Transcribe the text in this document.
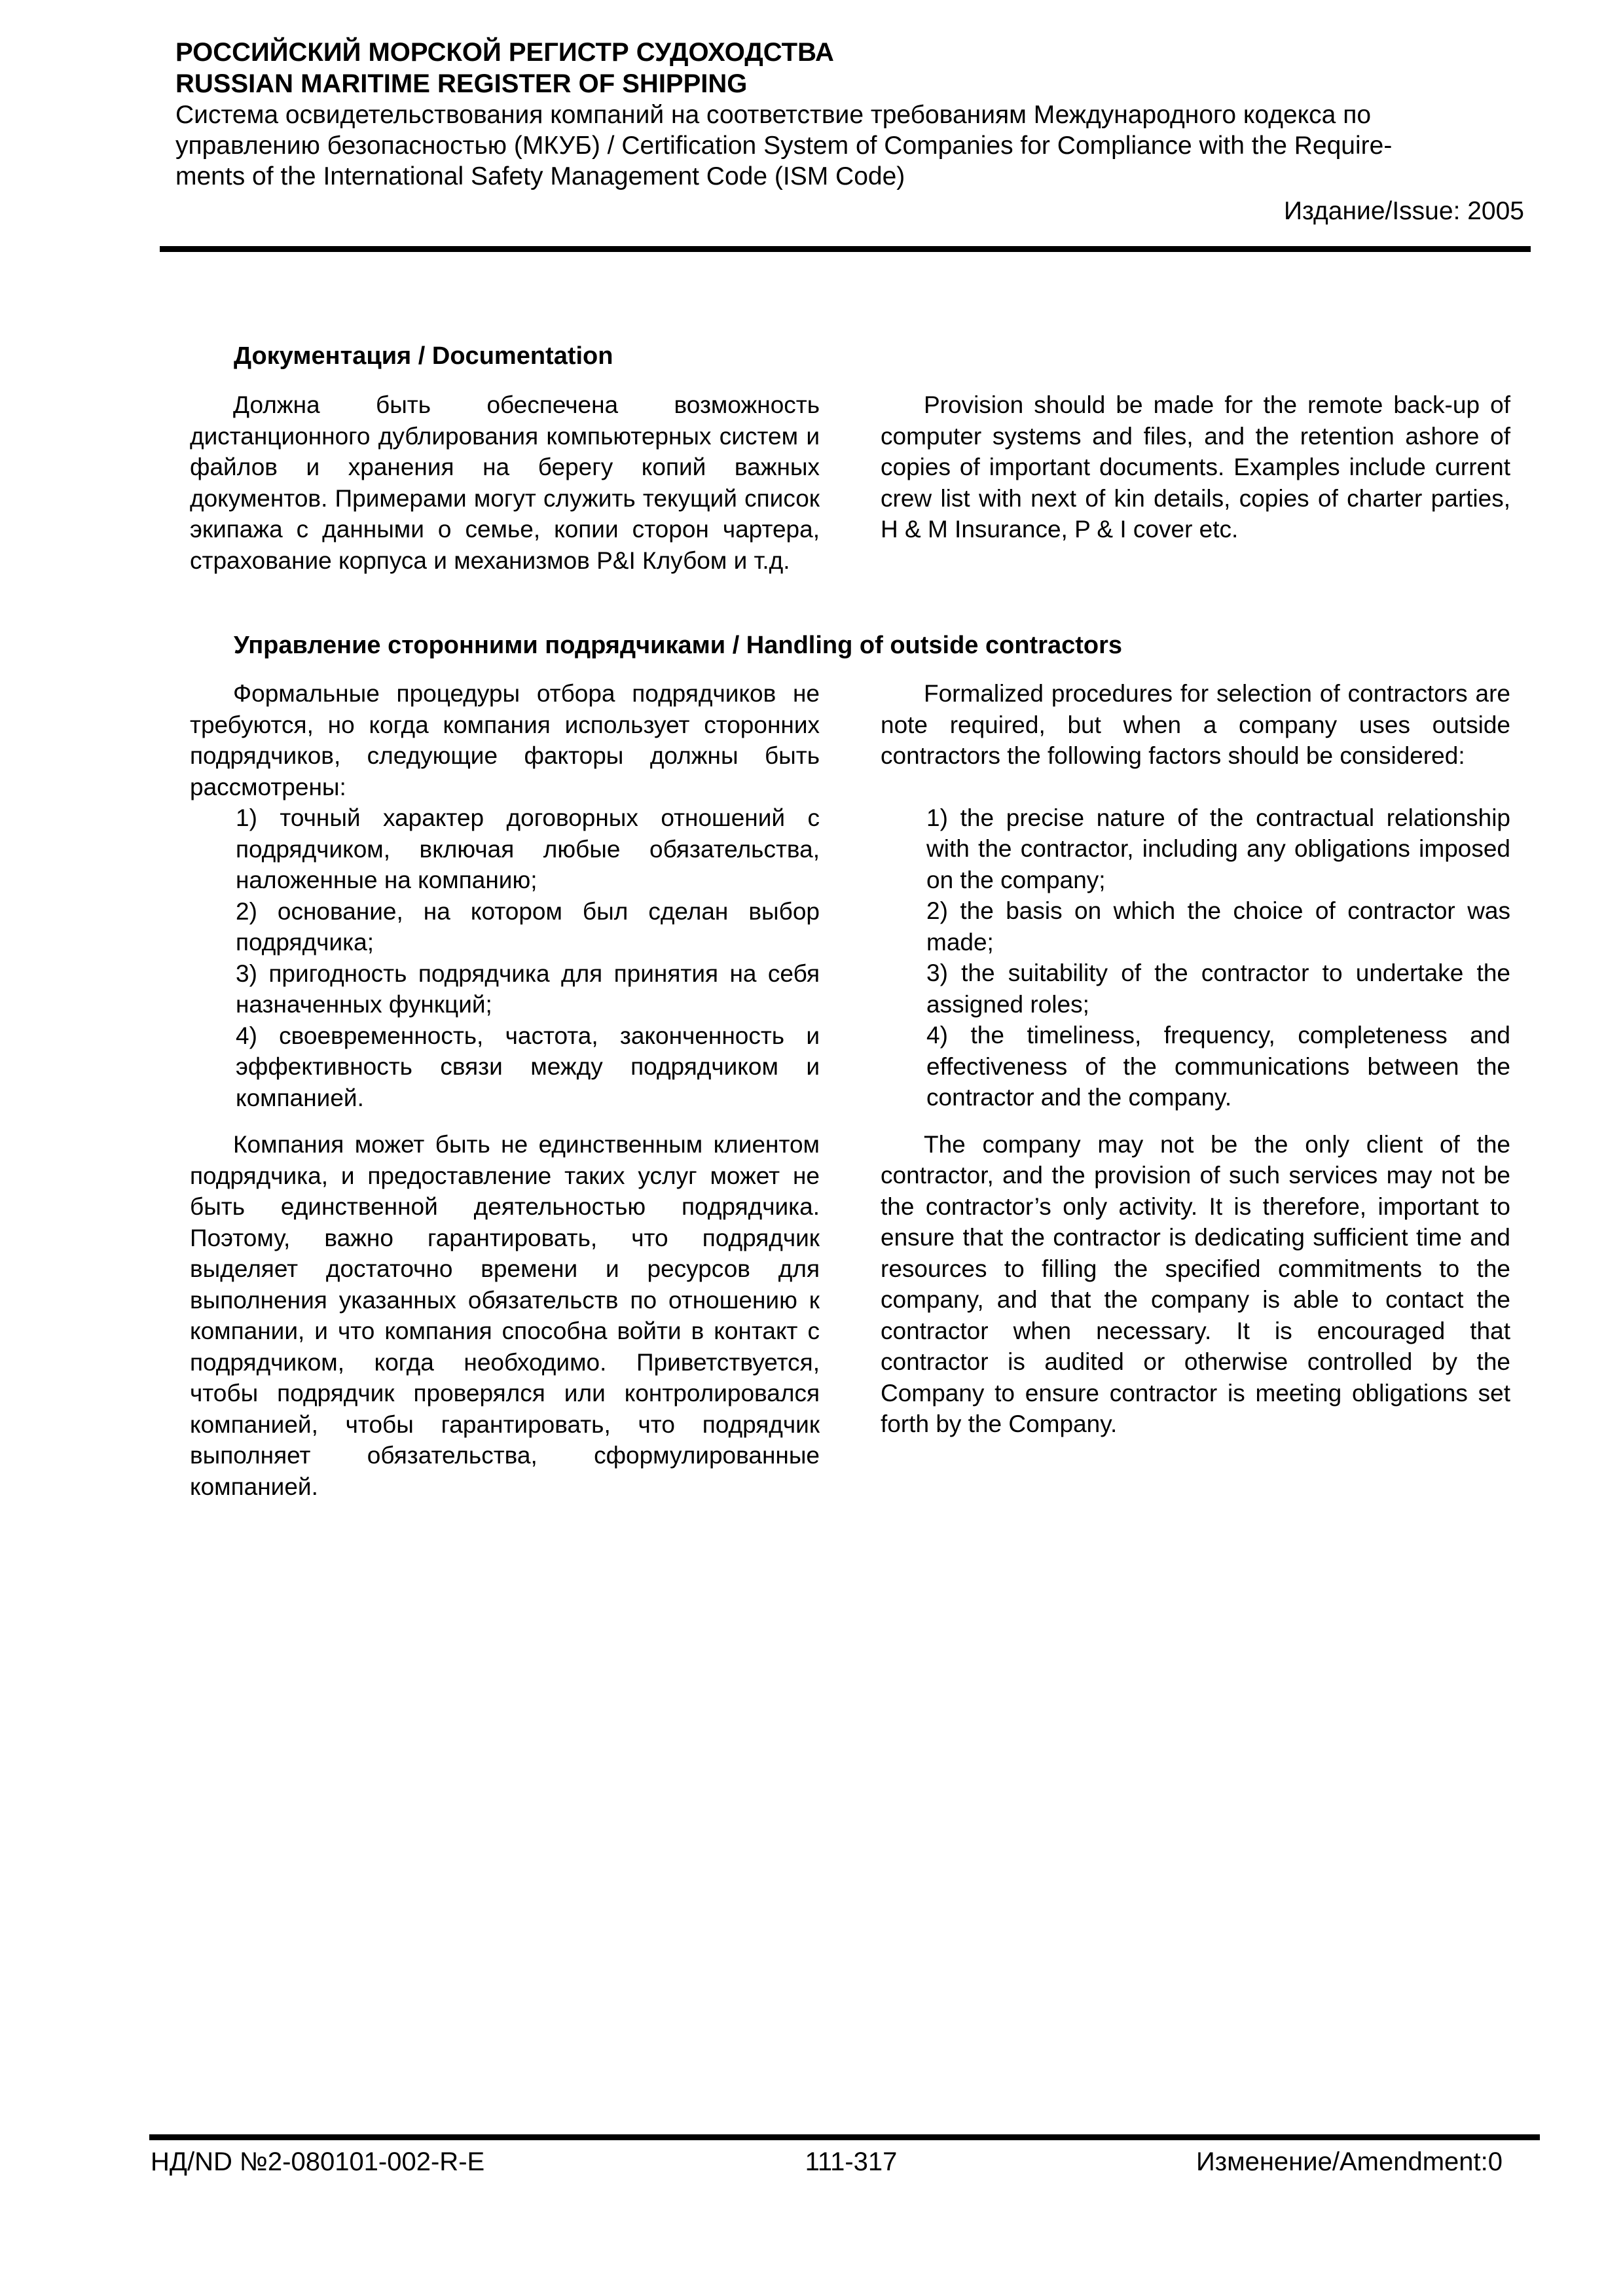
РОССИЙСКИЙ МОРСКОЙ РЕГИСТР СУДОХОДСТВА
RUSSIAN MARITIME REGISTER OF SHIPPING
Система освидетельствования компаний на соответствие требованиям Международного кодекса по
управлению безопасностью (МКУБ) / Certification System of Companies for Compliance with the Require-
ments of the International Safety Management Code (ISM Code)
Издание/Issue: 2005
Документация / Documentation

Должна быть обеспечена возможность дистанционного дублирования компьютерных систем и файлов и хранения на берегу копий важных документов. Примерами могут служить текущий список экипажа с данными о семье, копии сторон чартера, страхование корпуса и механизмов P&I Клубом и т.д.

Provision should be made for the remote back-up of computer systems and files, and the retention ashore of copies of important documents. Examples include current crew list with next of kin details, copies of charter parties, H & M Insurance, P & I cover etc.

Управление сторонними подрядчиками / Handling of outside contractors

Формальные процедуры отбора подрядчиков не требуются, но когда компания использует сторонних подрядчиков, следующие факторы должны быть рассмотрены:

1) точный характер договорных отношений с подрядчиком, включая любые обязательства, наложенные на компанию;
2) основание, на котором был сделан выбор подрядчика;
3) пригодность подрядчика для принятия на себя назначенных функций;
4) своевременность, частота, законченность и эффективность связи между подрядчиком и компанией.

Компания может быть не единственным клиентом подрядчика, и предоставление таких услуг может не быть единственной деятельностью подрядчика. Поэтому, важно гарантировать, что подрядчик выделяет достаточно времени и ресурсов для выполнения указанных обязательств по отношению к компании, и что компания способна войти в контакт с подрядчиком, когда необходимо. Приветствуется, чтобы подрядчик проверялся или контролировался компанией, чтобы гарантировать, что подрядчик выполняет обязательства, сформулированные компанией.

Formalized procedures for selection of contractors are note required, but when a company uses outside contractors the following factors should be considered:

1) the precise nature of the contractual relationship with the contractor, including any obligations imposed on the company;
2) the basis on which the choice of contractor was made;
3) the suitability of the contractor to undertake the assigned roles;
4) the timeliness, frequency, completeness and effectiveness of the communications between the contractor and the company.

The company may not be the only client of the contractor, and the provision of such services may not be the contractor’s only activity. It is therefore, important to ensure that the contractor is dedicating sufficient time and resources to filling the specified commitments to the company, and that the company is able to contact the contractor when necessary. It is encouraged that contractor is audited or otherwise controlled by the Company to ensure contractor is meeting obligations set forth by the Company.

НД/ND №2-080101-002-R-E	111-317	Изменение/Amendment:0
